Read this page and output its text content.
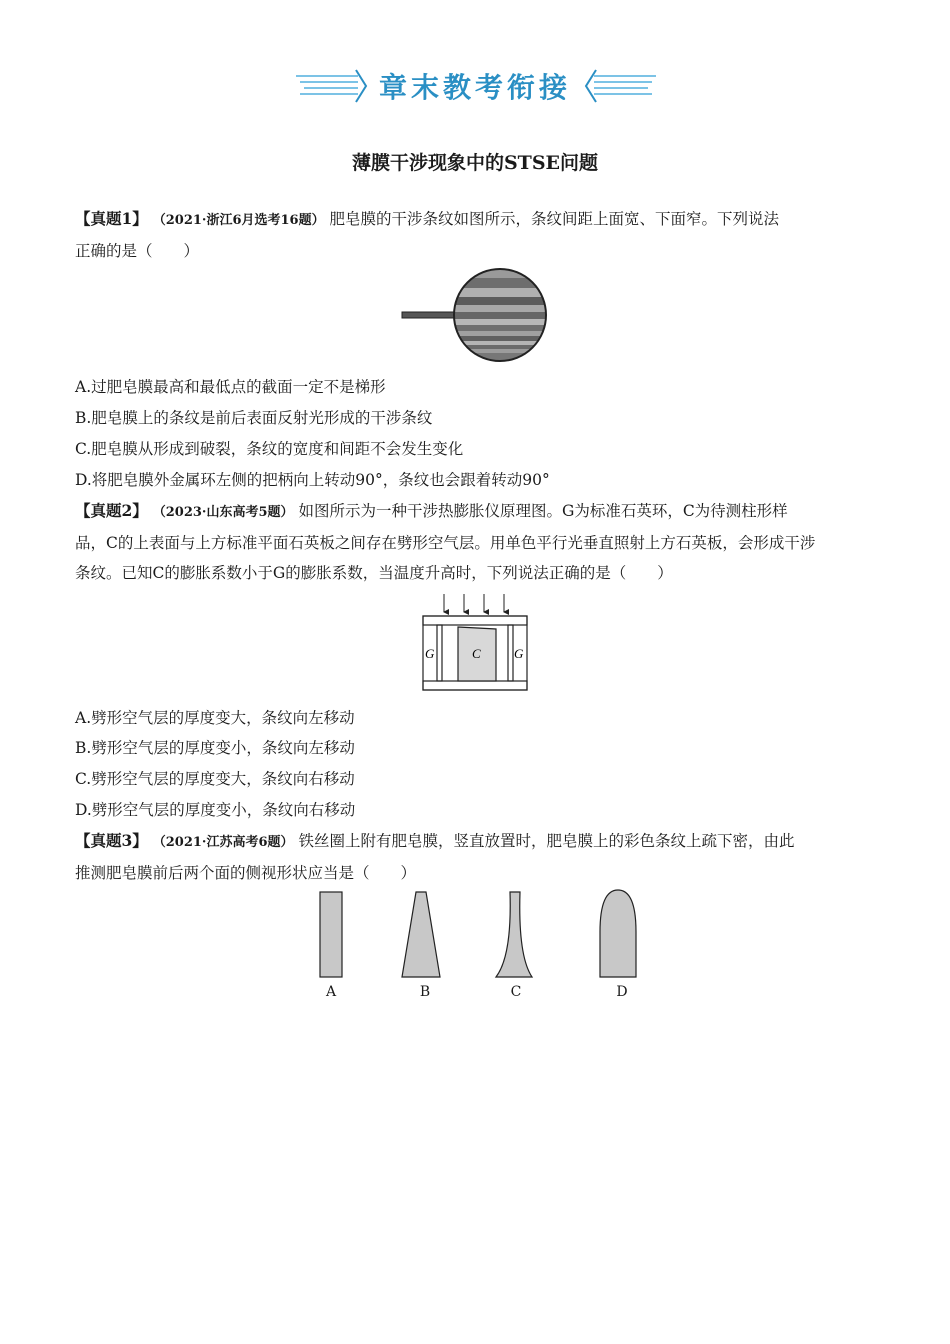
章末教考衔接
薄膜干涉现象中的STSE问题
【真题1】 （2021·浙江6月选考16题） 肥皂膜的干涉条纹如图所示，条纹间距上面宽、下面窄。下列说法
正确的是（　　）
A.过肥皂膜最高和最低点的截面一定不是梯形
B.肥皂膜上的条纹是前后表面反射光形成的干涉条纹
C.肥皂膜从形成到破裂，条纹的宽度和间距不会发生变化
D.将肥皂膜外金属环左侧的把柄向上转动90°，条纹也会跟着转动90°
【真题2】 （2023·山东高考5题） 如图所示为一种干涉热膨胀仪原理图。G为标准石英环，C为待测柱形样
品，C的上表面与上方标准平面石英板之间存在劈形空气层。用单色平行光垂直照射上方石英板，会形成干涉
条纹。已知C的膨胀系数小于G的膨胀系数，当温度升高时，下列说法正确的是（　　）
G	C	G
A.劈形空气层的厚度变大，条纹向左移动
B.劈形空气层的厚度变小，条纹向左移动
C.劈形空气层的厚度变大，条纹向右移动
D.劈形空气层的厚度变小，条纹向右移动
【真题3】 （2021·江苏高考6题） 铁丝圈上附有肥皂膜，竖直放置时，肥皂膜上的彩色条纹上疏下密，由此
推测肥皂膜前后两个面的侧视形状应当是（　　）
A	B	C	D
